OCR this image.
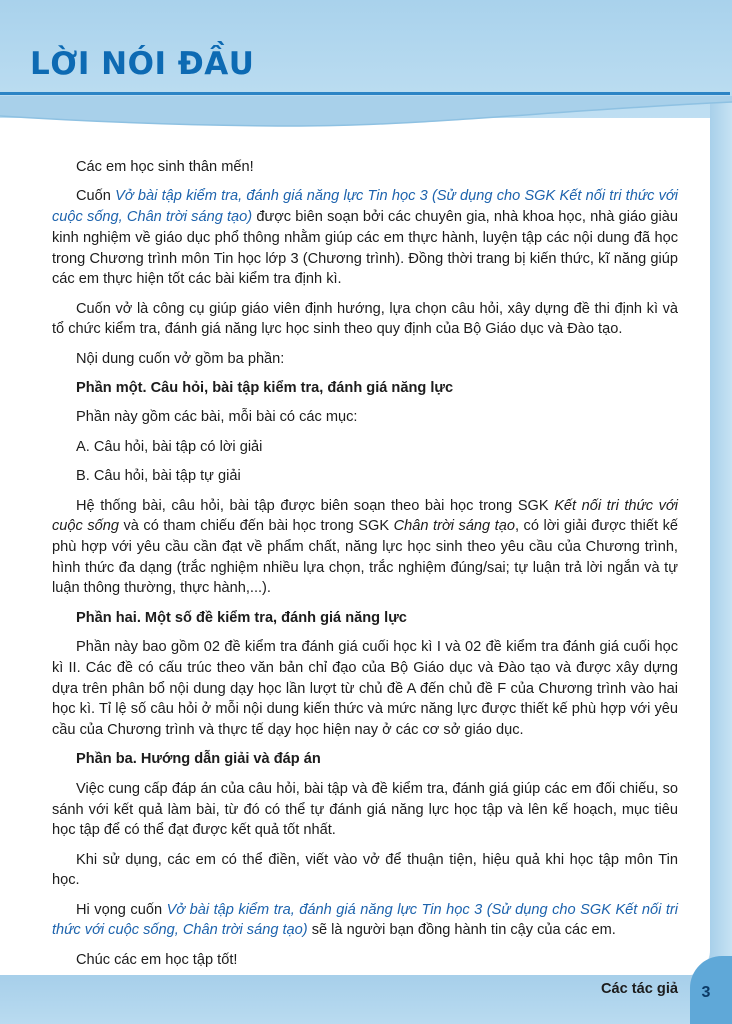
LỜI NÓI ĐẦU
3

Các em học sinh thân mến!

Cuốn Vở bài tập kiểm tra, đánh giá năng lực Tin học 3 (Sử dụng cho SGK Kết nối tri thức với cuộc sống, Chân trời sáng tạo) được biên soạn bởi các chuyên gia, nhà khoa học, nhà giáo giàu kinh nghiệm về giáo dục phổ thông nhằm giúp các em thực hành, luyện tập các nội dung đã học trong Chương trình môn Tin học lớp 3 (Chương trình). Đồng thời trang bị kiến thức, kĩ năng giúp các em thực hiện tốt các bài kiểm tra định kì.

Cuốn vở là công cụ giúp giáo viên định hướng, lựa chọn câu hỏi, xây dựng đề thi định kì và tổ chức kiểm tra, đánh giá năng lực học sinh theo quy định của Bộ Giáo dục và Đào tạo.

Nội dung cuốn vở gồm ba phần:

Phần một. Câu hỏi, bài tập kiểm tra, đánh giá năng lực

Phần này gồm các bài, mỗi bài có các mục:

A. Câu hỏi, bài tập có lời giải

B. Câu hỏi, bài tập tự giải

Hệ thống bài, câu hỏi, bài tập được biên soạn theo bài học trong SGK Kết nối tri thức với cuộc sống và có tham chiếu đến bài học trong SGK Chân trời sáng tạo, có lời giải được thiết kế phù hợp với yêu cầu cần đạt về phẩm chất, năng lực học sinh theo yêu cầu của Chương trình, hình thức đa dạng (trắc nghiệm nhiều lựa chọn, trắc nghiệm đúng/sai; tự luận trả lời ngắn và tự luận thông thường, thực hành,...).

Phần hai. Một số đề kiểm tra, đánh giá năng lực

Phần này bao gồm 02 đề kiểm tra đánh giá cuối học kì I và 02 đề kiểm tra đánh giá cuối học kì II. Các đề có cấu trúc theo văn bản chỉ đạo của Bộ Giáo dục và Đào tạo và được xây dựng dựa trên phân bổ nội dung dạy học lần lượt từ chủ đề A đến chủ đề F của Chương trình vào hai học kì. Tỉ lệ số câu hỏi ở mỗi nội dung kiến thức và mức năng lực được thiết kế phù hợp với yêu cầu của Chương trình và thực tế dạy học hiện nay ở các cơ sở giáo dục.

Phần ba. Hướng dẫn giải và đáp án

Việc cung cấp đáp án của câu hỏi, bài tập và đề kiểm tra, đánh giá giúp các em đối chiếu, so sánh với kết quả làm bài, từ đó có thể tự đánh giá năng lực học tập và lên kế hoạch, mục tiêu học tập để có thể đạt được kết quả tốt nhất.

Khi sử dụng, các em có thể điền, viết vào vở để thuận tiện, hiệu quả khi học tập môn Tin học.

Hi vọng cuốn Vở bài tập kiểm tra, đánh giá năng lực Tin học 3 (Sử dụng cho SGK Kết nối tri thức với cuộc sống, Chân trời sáng tạo) sẽ là người bạn đồng hành tin cậy của các em.

Chúc các em học tập tốt!

Các tác giả
